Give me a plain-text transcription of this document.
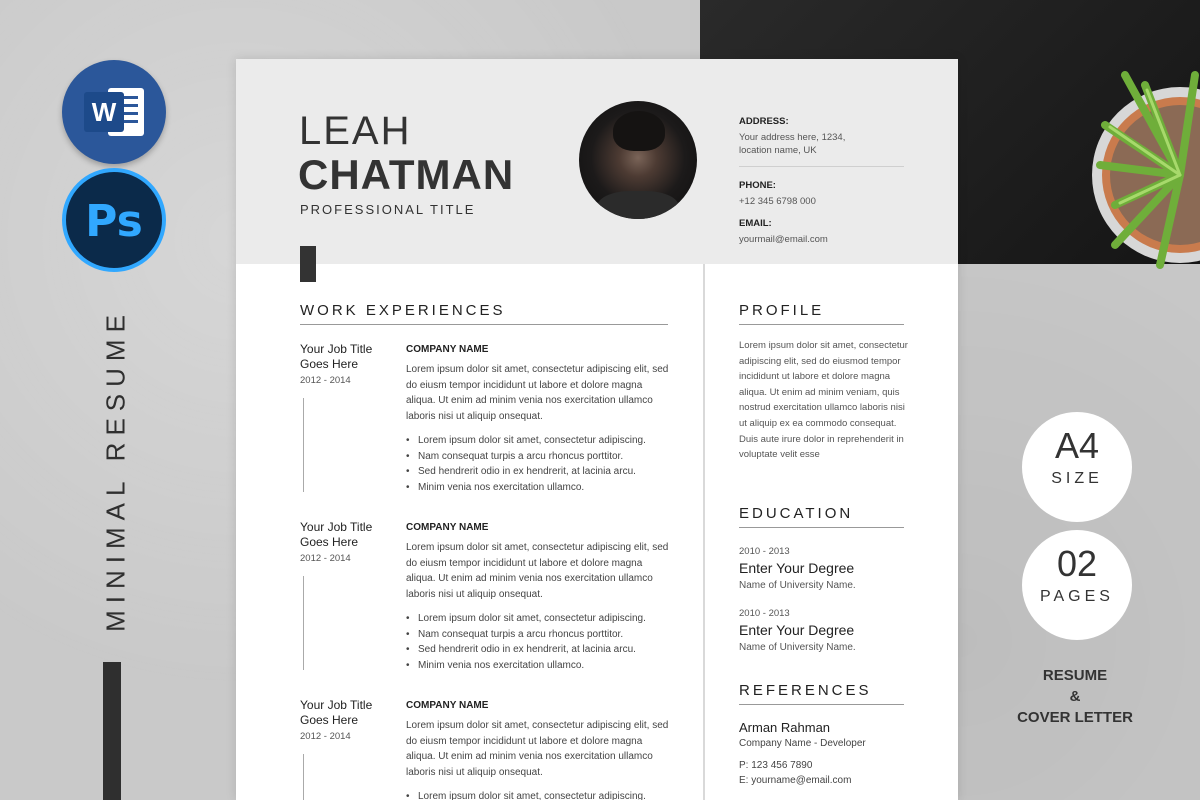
W
Ps
MINIMAL RESUME
LEAH
CHATMAN
PROFESSIONAL TITLE
ADDRESS:
Your address here, 1234,
location name, UK
PHONE:
+12 345 6798 000
EMAIL:
yourmail@email.com
WORK EXPERIENCES
Your Job Title Goes Here
2012 - 2014
COMPANY NAME
Lorem ipsum dolor sit amet, consectetur adipiscing elit, sed do eiusm tempor incididunt ut labore et dolore magna aliqua. Ut enim ad minim venia nos exercitation ullamco laboris nisi ut aliquip onsequat.
• Lorem ipsum dolor sit amet, consectetur adipiscing.
• Nam consequat turpis a arcu rhoncus porttitor.
• Sed hendrerit odio in ex hendrerit, at lacinia arcu.
• Minim venia nos exercitation ullamco.
Your Job Title Goes Here
2012 - 2014
COMPANY NAME
Lorem ipsum dolor sit amet, consectetur adipiscing elit, sed do eiusm tempor incididunt ut labore et dolore magna aliqua. Ut enim ad minim venia nos exercitation ullamco laboris nisi ut aliquip onsequat.
• Lorem ipsum dolor sit amet, consectetur adipiscing.
• Nam consequat turpis a arcu rhoncus porttitor.
• Sed hendrerit odio in ex hendrerit, at lacinia arcu.
• Minim venia nos exercitation ullamco.
Your Job Title Goes Here
2012 - 2014
COMPANY NAME
Lorem ipsum dolor sit amet, consectetur adipiscing elit, sed do eiusm tempor incididunt ut labore et dolore magna aliqua. Ut enim ad minim venia nos exercitation ullamco laboris nisi ut aliquip onsequat.
• Lorem ipsum dolor sit amet, consectetur adipiscing.
PROFILE
Lorem ipsum dolor sit amet, consectetur adipiscing elit, sed do eiusmod tempor incididunt ut labore et dolore magna aliqua. Ut enim ad minim veniam, quis nostrud exercitation ullamco laboris nisi ut aliquip ex ea commodo consequat. Duis aute irure dolor in reprehenderit in voluptate velit esse
EDUCATION
2010 - 2013
Enter Your Degree
Name of University Name.
2010 - 2013
Enter Your Degree
Name of University Name.
REFERENCES
Arman Rahman
Company Name - Developer
P: 123 456 7890
E: yourname@email.com
A4
SIZE
02
PAGES
RESUME
&
COVER LETTER
